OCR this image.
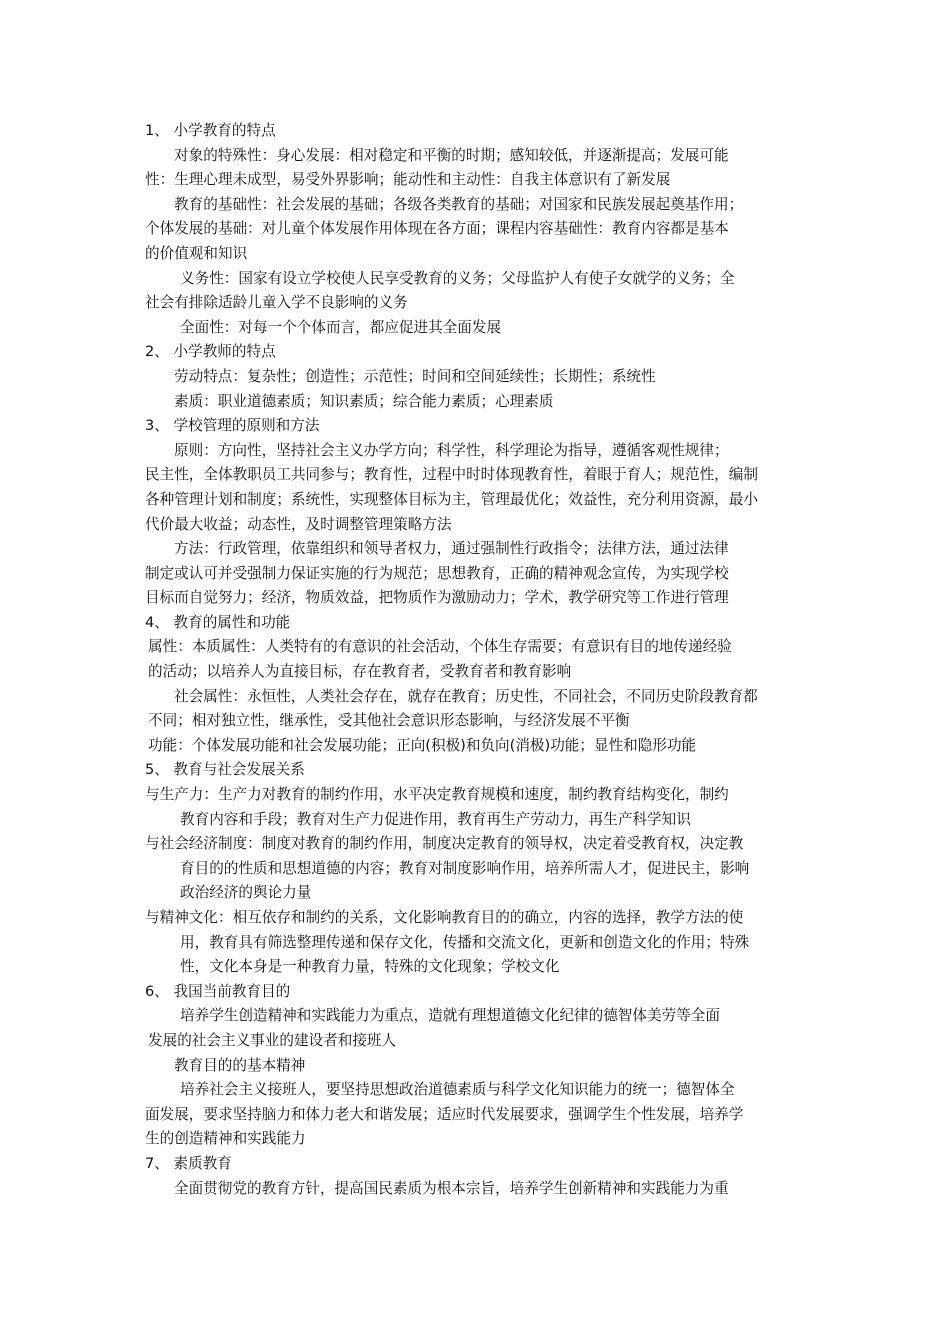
1、 小学教育的特点
对象的特殊性：身心发展：相对稳定和平衡的时期；感知较低，并逐渐提高；发展可能
性：生理心理未成型，易受外界影响；能动性和主动性：自我主体意识有了新发展
教育的基础性：社会发展的基础；各级各类教育的基础；对国家和民族发展起奠基作用；
个体发展的基础：对儿童个体发展作用体现在各方面；课程内容基础性：教育内容都是基本
的价值观和知识
义务性：国家有设立学校使人民享受教育的义务；父母监护人有使子女就学的义务；全
社会有排除适龄儿童入学不良影响的义务
全面性：对每一个个体而言，都应促进其全面发展
2、 小学教师的特点
劳动特点：复杂性；创造性；示范性；时间和空间延续性；长期性；系统性
素质：职业道德素质；知识素质；综合能力素质；心理素质
3、 学校管理的原则和方法
原则：方向性，坚持社会主义办学方向；科学性，科学理论为指导，遵循客观性规律；
民主性，全体教职员工共同参与；教育性，过程中时时体现教育性，着眼于育人；规范性，编制
各种管理计划和制度；系统性，实现整体目标为主，管理最优化；效益性，充分利用资源，最小
代价最大收益；动态性，及时调整管理策略方法
方法：行政管理，依靠组织和领导者权力，通过强制性行政指令；法律方法，通过法律
制定或认可并受强制力保证实施的行为规范；思想教育，正确的精神观念宣传，为实现学校
目标而自觉努力；经济，物质效益，把物质作为激励动力；学术，教学研究等工作进行管理
4、 教育的属性和功能
属性：本质属性：人类特有的有意识的社会活动，个体生存需要；有意识有目的地传递经验
的活动；以培养人为直接目标，存在教育者，受教育者和教育影响
社会属性：永恒性，人类社会存在，就存在教育；历史性，不同社会，不同历史阶段教育都
不同；相对独立性，继承性，受其他社会意识形态影响，与经济发展不平衡
功能：个体发展功能和社会发展功能；正向(积极)和负向(消极)功能；显性和隐形功能
5、 教育与社会发展关系
与生产力：生产力对教育的制约作用，水平决定教育规模和速度，制约教育结构变化，制约
教育内容和手段；教育对生产力促进作用，教育再生产劳动力，再生产科学知识
与社会经济制度：制度对教育的制约作用，制度决定教育的领导权，决定着受教育权，决定教
育目的的性质和思想道德的内容；教育对制度影响作用，培养所需人才，促进民主，影响
政治经济的舆论力量
与精神文化：相互依存和制约的关系，文化影响教育目的的确立，内容的选择，教学方法的使
用，教育具有筛选整理传递和保存文化，传播和交流文化，更新和创造文化的作用；特殊
性，文化本身是一种教育力量，特殊的文化现象；学校文化
6、 我国当前教育目的
培养学生创造精神和实践能力为重点，造就有理想道德文化纪律的德智体美劳等全面
发展的社会主义事业的建设者和接班人
教育目的的基本精神
培养社会主义接班人，要坚持思想政治道德素质与科学文化知识能力的统一；德智体全
面发展，要求坚持脑力和体力老大和谐发展；适应时代发展要求，强调学生个性发展，培养学
生的创造精神和实践能力
7、 素质教育
全面贯彻党的教育方针，提高国民素质为根本宗旨，培养学生创新精神和实践能力为重
